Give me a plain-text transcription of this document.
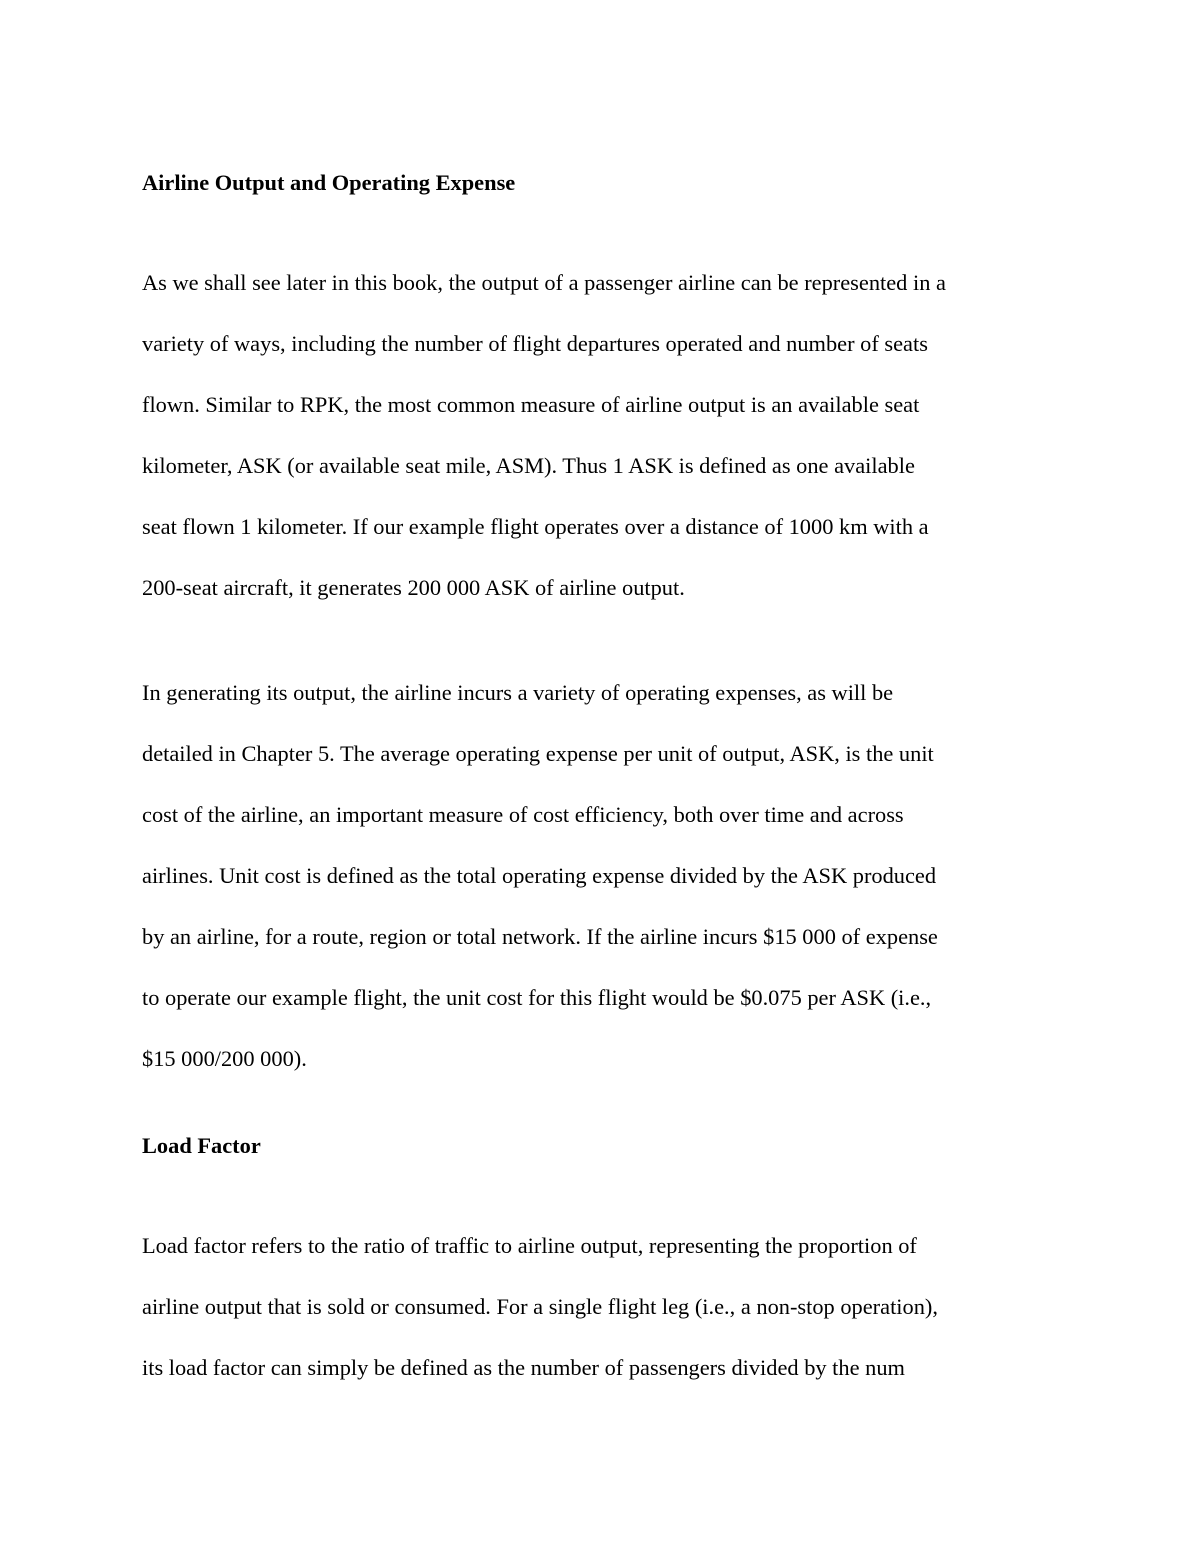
Airline Output and Operating Expense
As we shall see later in this book, the output of a passenger airline can be represented in a
variety of ways, including the number of flight departures operated and number of seats
flown. Similar to RPK, the most common measure of airline output is an available seat
kilometer, ASK (or available seat mile, ASM). Thus 1 ASK is defined as one available
seat flown 1 kilometer. If our example flight operates over a distance of 1000 km with a
200-seat aircraft, it generates 200 000 ASK of airline output.
In generating its output, the airline incurs a variety of operating expenses, as will be
detailed in Chapter 5. The average operating expense per unit of output, ASK, is the unit
cost of the airline, an important measure of cost efficiency, both over time and across
airlines. Unit cost is defined as the total operating expense divided by the ASK produced
by an airline, for a route, region or total network. If the airline incurs $15 000 of expense
to operate our example flight, the unit cost for this flight would be $0.075 per ASK (i.e.,
$15 000/200 000).
Load Factor
Load factor refers to the ratio of traffic to airline output, representing the proportion of
airline output that is sold or consumed. For a single flight leg (i.e., a non-stop operation),
its load factor can simply be defined as the number of passengers divided by the num
